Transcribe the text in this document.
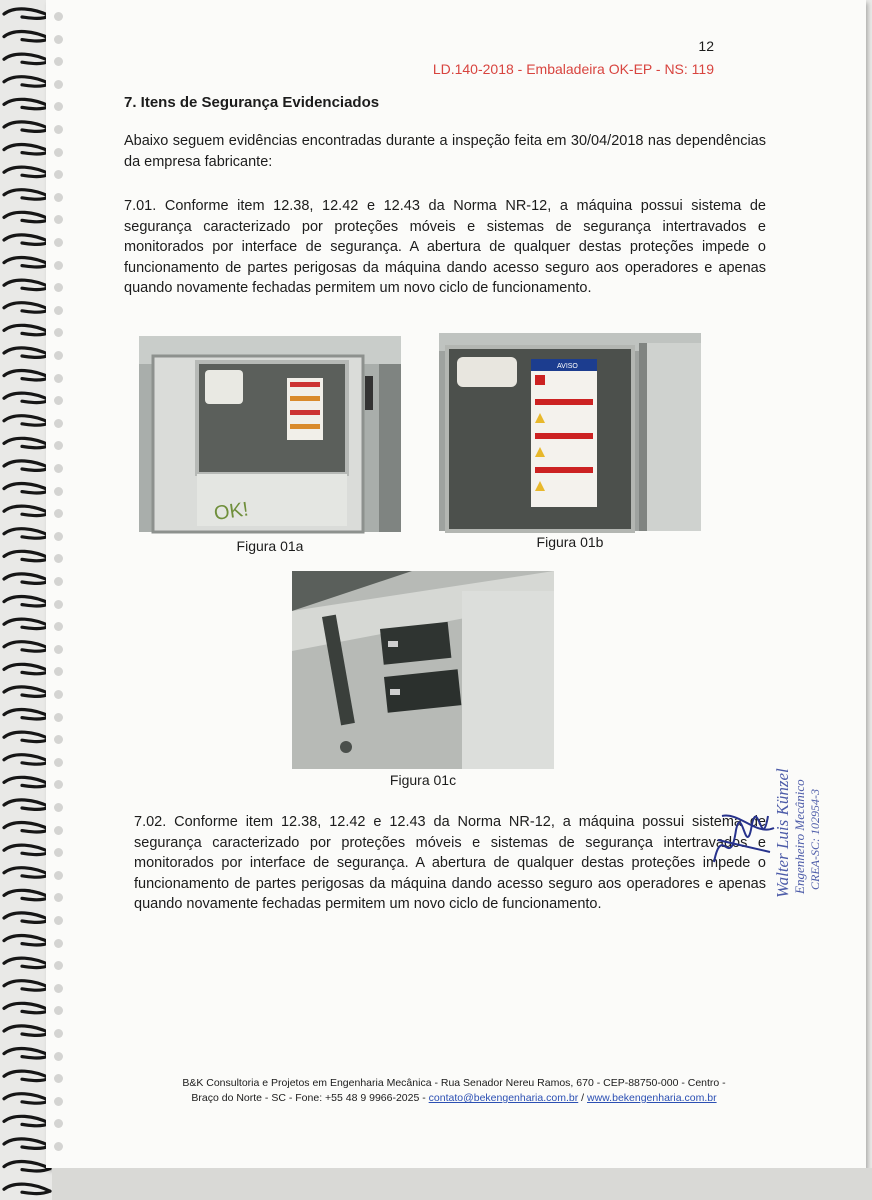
12
LD.140-2018 - Embaladeira OK-EP - NS: 119
7. Itens de Segurança Evidenciados

Abaixo seguem evidências encontradas durante a inspeção feita em 30/04/2018 nas dependências da empresa fabricante:

7.01. Conforme item 12.38, 12.42 e 12.43 da Norma NR-12, a máquina possui sistema de segurança caracterizado por proteções móveis e sistemas de segurança intertravados e monitorados por interface de segurança. A abertura de qualquer destas proteções impede o funcionamento de partes perigosas da máquina dando acesso seguro aos operadores e apenas quando novamente fechadas permitem um novo ciclo de funcionamento.

OK!
Figura 01a
AVISO
Figura 01b
Figura 01c

7.02. Conforme item 12.38, 12.42 e 12.43 da Norma NR-12, a máquina possui sistema de segurança caracterizado por proteções móveis e sistemas de segurança intertravados e monitorados por interface de segurança. A abertura de qualquer destas proteções impede o funcionamento de partes perigosas da máquina dando acesso seguro aos operadores e apenas quando novamente fechadas permitem um novo ciclo de funcionamento.

B&K Consultoria e Projetos em Engenharia Mecânica - Rua Senador Nereu Ramos, 670 - CEP-88750-000 - Centro -
Braço do Norte - SC - Fone: +55 48 9 9966-2025 - contato@bekengenharia.com.br / www.bekengenharia.com.br
Walter Luis Künzel Engenheiro Mecânico CREA-SC: 102954-3
